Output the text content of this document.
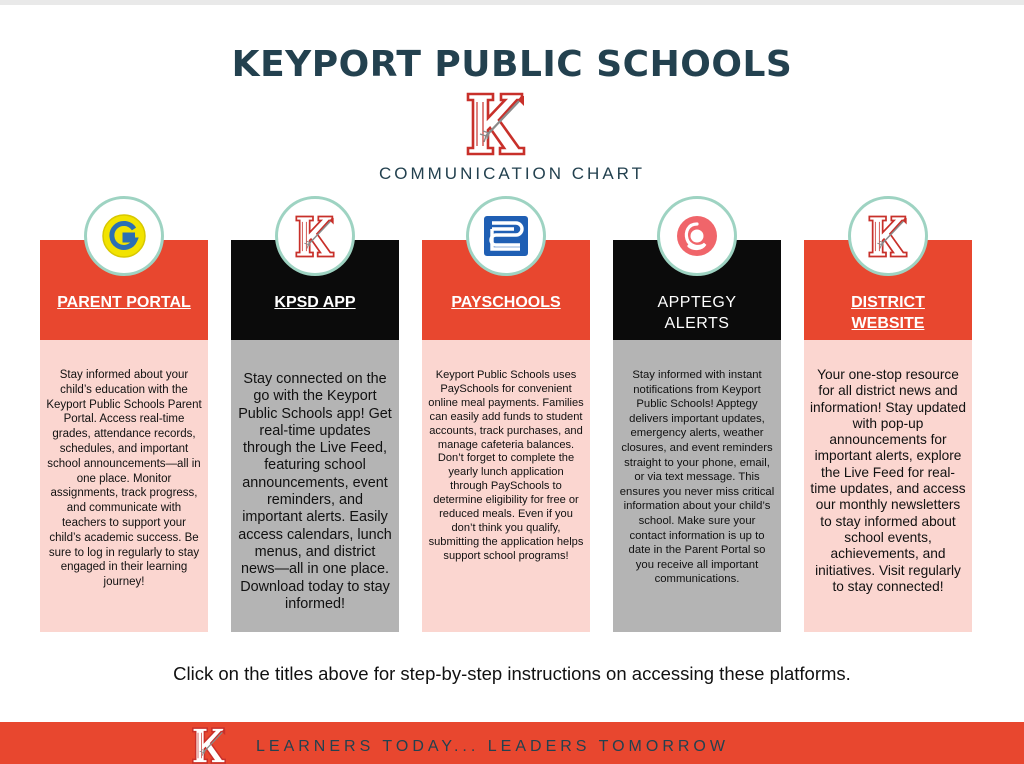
KEYPORT PUBLIC SCHOOLS
COMMUNICATION CHART
PARENT PORTAL

Stay informed about your child’s education with the Keyport Public Schools Parent Portal. Access real-time grades, attendance records, schedules, and important school announcements—all in one place. Monitor assignments, track progress, and communicate with teachers to support your child’s academic success. Be sure to log in regularly to stay engaged in their learning journey!

KPSD APP

Stay connected on the go with the Keyport Public Schools app! Get real-time updates through the Live Feed, featuring school announcements, event reminders, and important alerts. Easily access calendars, lunch menus, and district news—all in one place. Download today to stay informed!

PAYSCHOOLS

Keyport Public Schools uses PaySchools for convenient online meal payments. Families can easily add funds to student accounts, track purchases, and manage cafeteria balances. Don’t forget to complete the yearly lunch application through PaySchools to determine eligibility for free or reduced meals. Even if you don’t think you qualify, submitting the application helps support school programs!

APPTEGY ALERTS

Stay informed with instant notifications from Keyport Public Schools! Apptegy delivers important updates, emergency alerts, weather closures, and event reminders straight to your phone, email, or via text message. This ensures you never miss critical information about your child’s school. Make sure your contact information is up to date in the Parent Portal so you receive all important communications.

DISTRICT WEBSITE

Your one-stop resource for all district news and information! Stay updated with pop-up announcements for important alerts, explore the Live Feed for real-time updates, and access our monthly newsletters to stay informed about school events, achievements, and initiatives. Visit regularly to stay connected!

Click on the titles above for step-by-step instructions on accessing these platforms.

LEARNERS TODAY... LEADERS TOMORROW
